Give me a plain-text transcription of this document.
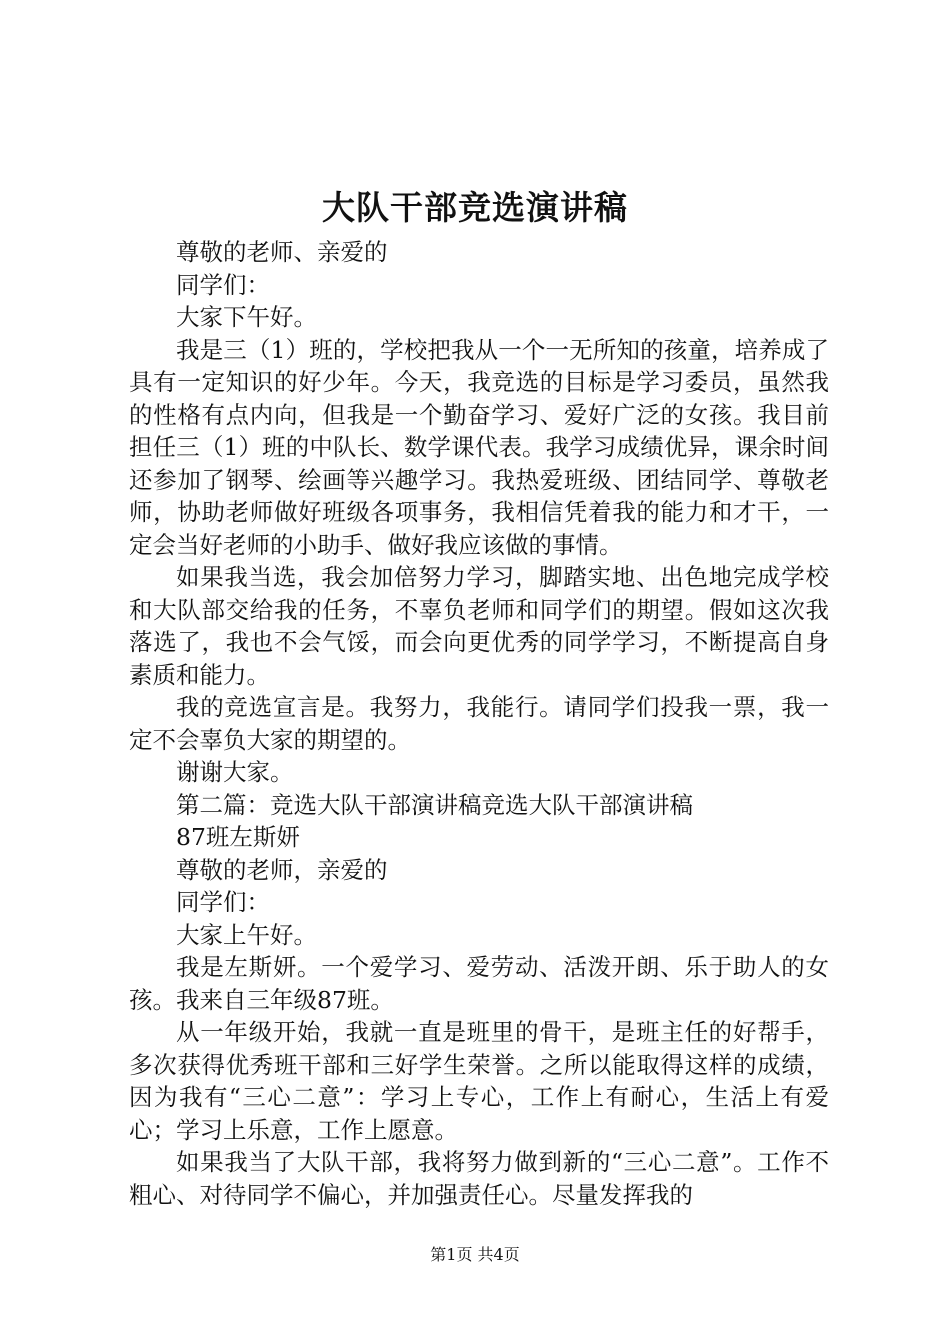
大队干部竞选演讲稿

尊敬的老师、亲爱的

同学们：

大家下午好。

我是三（1）班的，学校把我从一个一无所知的孩童，培养成了具有一定知识的好少年。今天，我竞选的目标是学习委员，虽然我的性格有点内向，但我是一个勤奋学习、爱好广泛的女孩。我目前担任三（1）班的中队长、数学课代表。我学习成绩优异，课余时间还参加了钢琴、绘画等兴趣学习。我热爱班级、团结同学、尊敬老师，协助老师做好班级各项事务，我相信凭着我的能力和才干，一定会当好老师的小助手、做好我应该做的事情。

如果我当选，我会加倍努力学习，脚踏实地、出色地完成学校和大队部交给我的任务，不辜负老师和同学们的期望。假如这次我落选了，我也不会气馁，而会向更优秀的同学学习，不断提高自身素质和能力。

我的竞选宣言是。我努力，我能行。请同学们投我一票，我一定不会辜负大家的期望的。

谢谢大家。

第二篇：竞选大队干部演讲稿竞选大队干部演讲稿

87班左斯妍

尊敬的老师，亲爱的

同学们：

大家上午好。

我是左斯妍。一个爱学习、爱劳动、活泼开朗、乐于助人的女孩。我来自三年级87班。

从一年级开始，我就一直是班里的骨干，是班主任的好帮手，多次获得优秀班干部和三好学生荣誉。之所以能取得这样的成绩，因为我有“三心二意”：学习上专心，工作上有耐心，生活上有爱心；学习上乐意，工作上愿意。

如果我当了大队干部，我将努力做到新的“三心二意”。工作不粗心、对待同学不偏心，并加强责任心。尽量发挥我的

第1页 共4页
